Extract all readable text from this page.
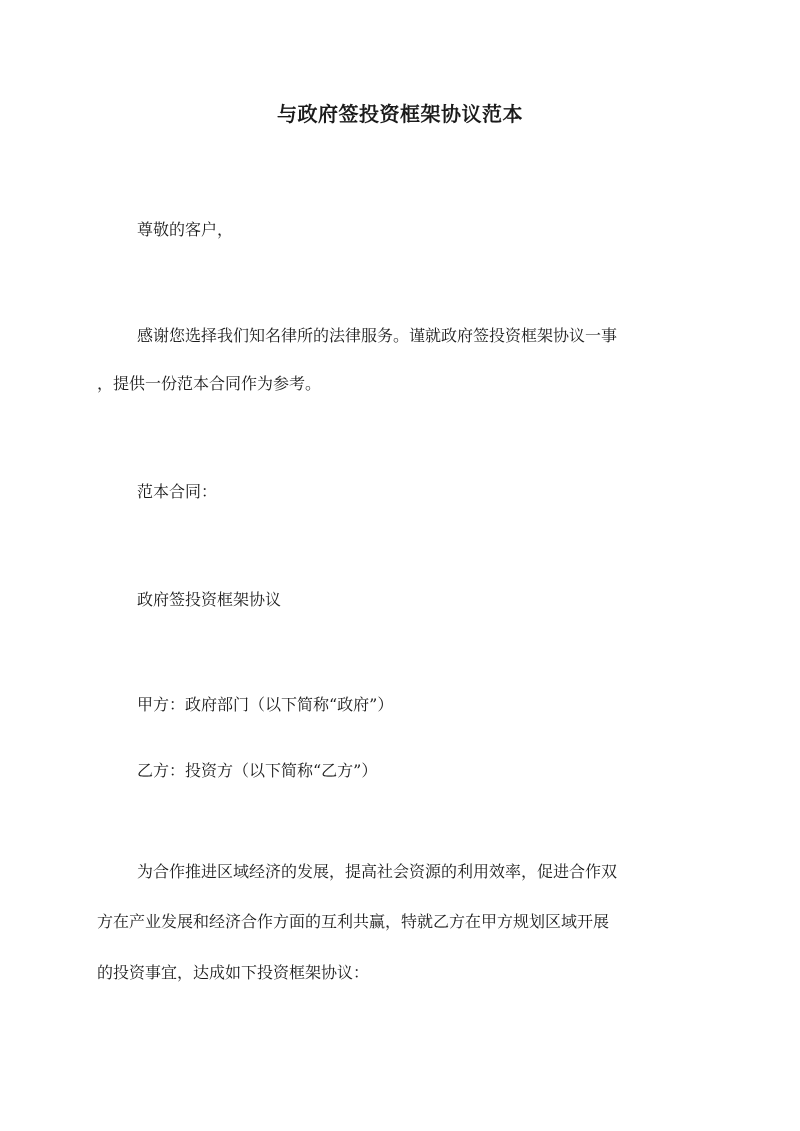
与政府签投资框架协议范本
尊敬的客户，
感谢您选择我们知名律所的法律服务。谨就政府签投资框架协议一事
，提供一份范本合同作为参考。
范本合同：
政府签投资框架协议
甲方：政府部门（以下简称“政府”）
乙方：投资方（以下简称“乙方”）
为合作推进区域经济的发展，提高社会资源的利用效率，促进合作双
方在产业发展和经济合作方面的互利共赢，特就乙方在甲方规划区域开展
的投资事宜，达成如下投资框架协议：
